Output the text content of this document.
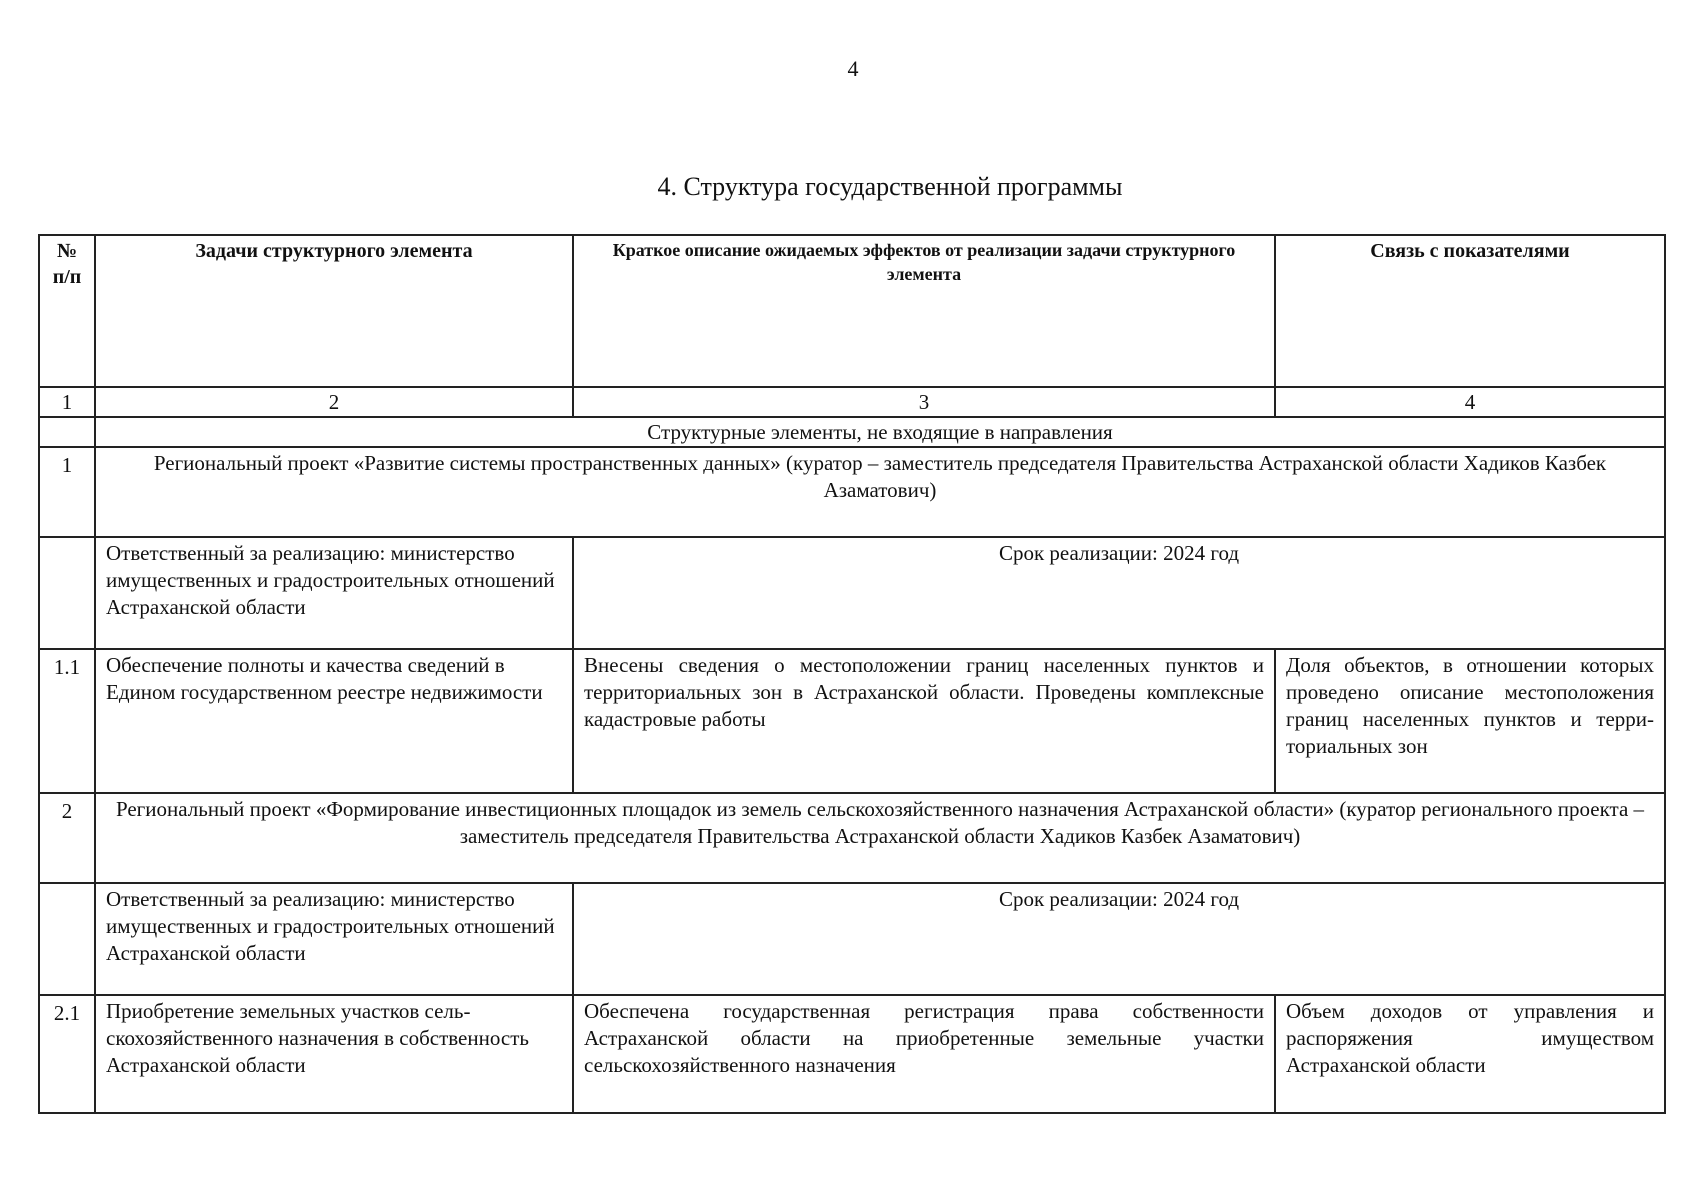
4
4. Структура государственной программы
№ п/п	Задачи структурного элемента	Краткое описание ожидаемых эффектов от реализации задачи структурного элемента	Связь с показателями
1	2	3	4
	Структурные элементы, не входящие в направления		
1	Региональный проект «Развитие системы пространственных данных» (куратор – заместитель председателя Правительства Астраханской области Хадиков Казбек Азаматович)		
	Ответственный за реализацию: министерство имущественных и градостроительных отношений Астраханской области	Срок реализации: 2024 год	
1.1	Обеспечение полноты и качества сведений в Едином государственном реестре недвижимости	Внесены сведения о местоположении границ населенных пунктов и территориальных зон в Астраханской области. Проведены комплексные кадастровые работы	Доля объектов, в отношении которых проведено описание местоположения границ населенных пунктов и территориальных зон
2	Региональный проект «Формирование инвестиционных площадок из земель сельскохозяйственного назначения Астраханской области» (куратор регионального проекта – заместитель председателя Правительства Астраханской области Хадиков Казбек Азаматович)		
	Ответственный за реализацию: министерство имущественных и градостроительных отношений Астраханской области	Срок реализации: 2024 год	
2.1	Приобретение земельных участков сельскохозяйственного назначения в собственность Астраханской области	Обеспечена государственная регистрация права собственности Астраханской области на приобретенные земельные участки сельскохозяйственного назначения	Объем доходов от управления и распоряжения имуществом Астраханской области
